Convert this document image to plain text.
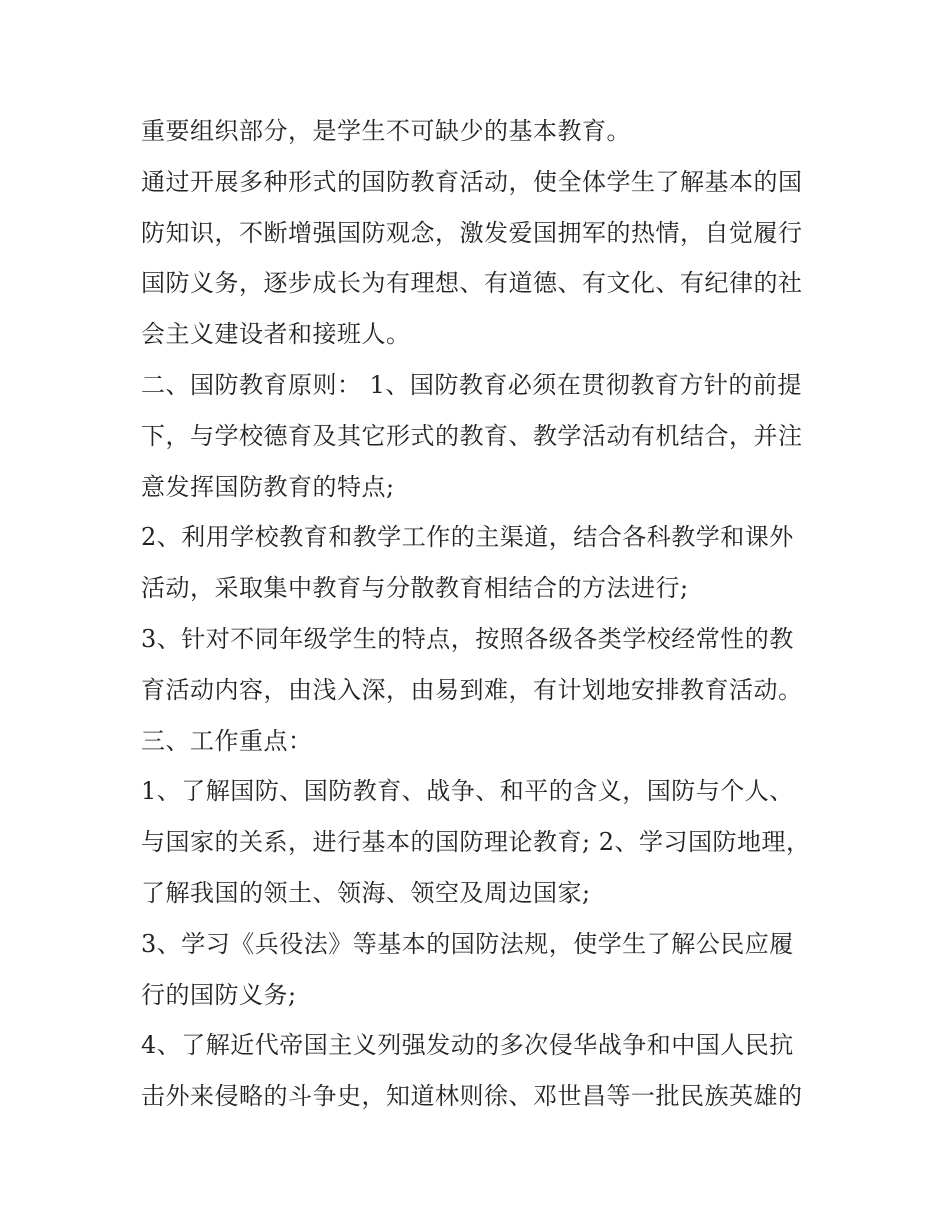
重要组织部分，是学生不可缺少的基本教育。
通过开展多种形式的国防教育活动，使全体学生了解基本的国
防知识，不断增强国防观念，激发爱国拥军的热情，自觉履行
国防义务，逐步成长为有理想、有道德、有文化、有纪律的社
会主义建设者和接班人。
二、国防教育原则： 1、国防教育必须在贯彻教育方针的前提
下，与学校德育及其它形式的教育、教学活动有机结合，并注
意发挥国防教育的特点;
2、利用学校教育和教学工作的主渠道，结合各科教学和课外
活动，采取集中教育与分散教育相结合的方法进行;
3、针对不同年级学生的特点，按照各级各类学校经常性的教
育活动内容，由浅入深，由易到难，有计划地安排教育活动。
三、工作重点：
1、了解国防、国防教育、战争、和平的含义，国防与个人、
与国家的关系，进行基本的国防理论教育; 2、学习国防地理，
了解我国的领土、领海、领空及周边国家;
3、学习《兵役法》等基本的国防法规，使学生了解公民应履
行的国防义务;
4、了解近代帝国主义列强发动的多次侵华战争和中国人民抗
击外来侵略的斗争史，知道林则徐、邓世昌等一批民族英雄的
